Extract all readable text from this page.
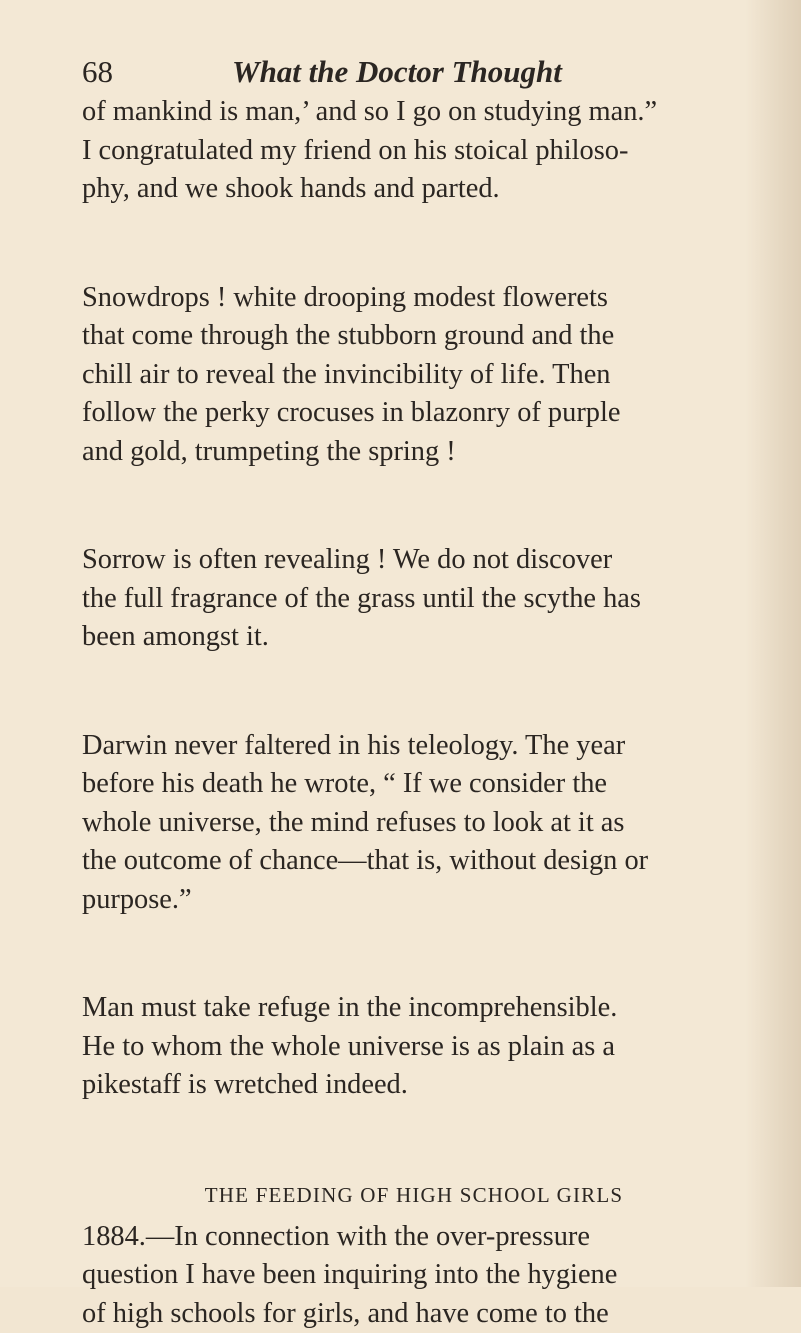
68	What the Doctor Thought

of mankind is man,’ and so I go on studying man.”
I congratulated my friend on his stoical philoso-
phy, and we shook hands and parted.

Snowdrops ! white drooping modest flowerets
that come through the stubborn ground and the
chill air to reveal the invincibility of life. Then
follow the perky crocuses in blazonry of purple
and gold, trumpeting the spring !

Sorrow is often revealing ! We do not discover
the full fragrance of the grass until the scythe has
been amongst it.

Darwin never faltered in his teleology. The year
before his death he wrote, “ If we consider the
whole universe, the mind refuses to look at it as
the outcome of chance—that is, without design or
purpose.”

Man must take refuge in the incomprehensible.
He to whom the whole universe is as plain as a
pikestaff is wretched indeed.

THE FEEDING OF HIGH SCHOOL GIRLS

1884.—In connection with the over-pressure
question I have been inquiring into the hygiene
of high schools for girls, and have come to the
